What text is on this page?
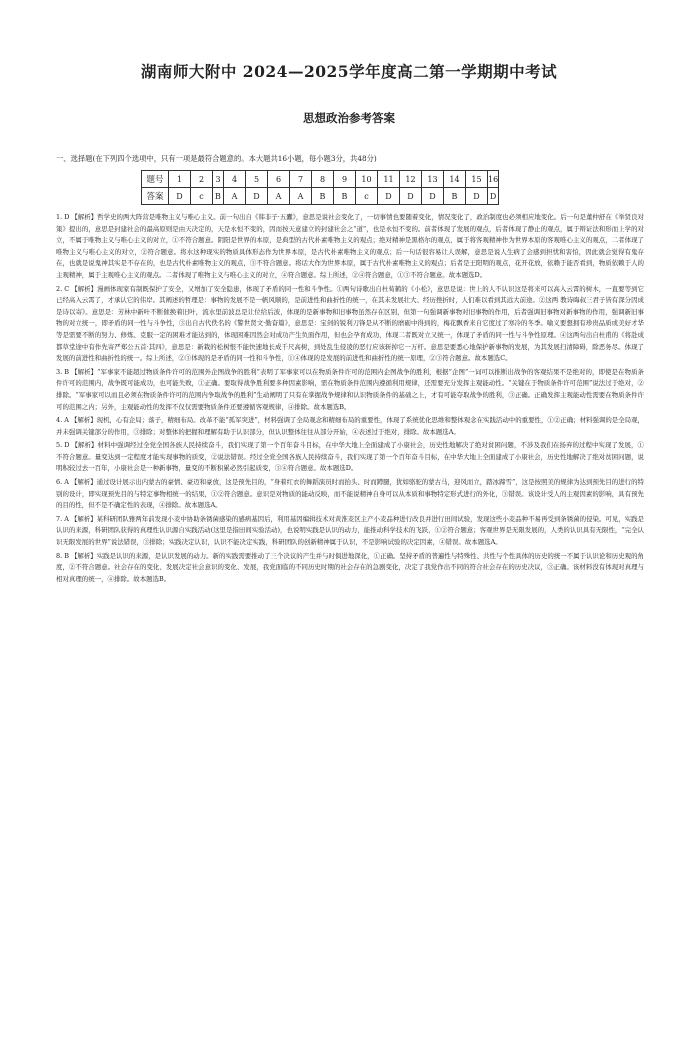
湖南师大附中 2024—2025学年度高二第一学期期中考试
思想政治参考答案

一、选择题(在下列四个选项中，只有一项是最符合题意的。本大题共16小题，每小题3分，共48分)

题号	1	2	3	4	5	6	7	8	9	10	11	12	13	14	15	16
答案	D	c	B	A	D	A	A	B	B	c	D	D	D	B	D	D

1. D 【解析】哲学史的两大阵营是唯物主义与唯心主义。前一句出自《韩非子·五蠹》，意思是说社会变化了，一切事情也要随着变化，情况变化了，政治制度也必须相应地变化。后一句是董仲舒在《举贤良对策》提出的，意思是封建社会的最高原则是由天决定的，天是永恒不变的，因而按天意建立的封建社会之“道”，也是永恒不变的。前者体现了发展的观点，后者体现了静止的观点，属于辩证法和形而上学的对立，不属于唯物主义与唯心主义的对立，①不符合题意。阴阳是世界的本原，是典型的古代朴素唯物主义的观点；绝对精神是黑格尔的观点，属于将客观精神作为世界本原的客观唯心主义的观点，二者体现了唯物主义与唯心主义的对立，②符合题意。将水这种现实的物质具体形态作为世界本原，是古代朴素唯物主义的观点；后一句话很容易让人误解，意思是说人生病了会感到担忧和害怕，因此就会觉得有鬼存在，也就是说鬼神其实是不存在的，也是古代朴素唯物主义的观点，③不符合题意。将话大作为世界本原，属于古代朴素唯物主义的观点；后者是王阳明的观点，花开花放，依赖于能否看到，物质依赖于人的主观精神，属于主观唯心主义的观点。二者体现了唯物主义与唯心主义的对立，④符合题意。综上所述，②④符合题意，①③不符合题意。故本题选D。

2. C 【解析】漫画体现家有制既保护了安全，又增加了安全隐患，体现了矛盾的同一性和斗争性。①两句诗歌出自杜荀鹤的《小松》，意思是说：世上的人不认识这是将来可以高入云霄的树木，一直要等到它已经高入云霄了，才承认它的伟岸。其阐述的哲理是：事物的发展不是一帆风顺的，是前进性和曲折性的统一，在其未发展壮大、经历挫折时，人们难以看到其远大前途。②这两 教诗晦叔三君子皆有深分因成是诗以寄》。意思是：芳林中新叶不断催换着旧叶，流水里前波总是让位给后波，体现的是新事物和旧事物虽然存在区别，但第一句强调新事物对旧事物的作用，后者强调旧事物对新事物的作用，强调新旧事物的对立统一，即矛盾的同一性与斗争性，③出自古代佚名的《警世贤文·勤奋篇》，意思是：宝剑的锐利刀锋是从不断的磨砺中得到的，梅花飘香来自它度过了寒冷的冬季。喻义要想拥有珍贵品质或美好才华等是需要不断的努力、修炼、克服一定的困难才能达到的，体现困难因然会对成功产生负面作用，但也会孕育成功，体现二者既对立又统一，体现了矛盾的同一性与斗争性原理。④这两句出自杜甫的《将赴成都草堂途中有作先寄严郑公五首·其四》，意思是：新栽的松树恨不能快速地长成千尺高树，到处乱生侵凌的恶行应该斩掉它一万杆。意思是要悉心地保护新事物的发展，为其发展扫清障碍，除恶务尽。体现了发展的前进性和曲折性的统一。综上所述，②③体现的是矛盾的同一性和斗争性，①④体现的是发展的前进性和曲折性的统一原理，②③符合题意。故本题选C。

3. B 【解析】“军事家不能超过物质条件许可的范围外企图战争的胜利”表明了军事家可以在物质条件许可的范围内企图战争的胜利，根据“企图”一词可以推断出战争的客观结果不是绝对的，即使是在物质条件许可的范围内，战争既可能成功，也可能失败，①正确。要取得战争胜利要多种因素影响，需在物质条件范围内遵循利用规律，还需要充分发挥主观能动性。“关键在于物质条件许可范围”说法过于绝对，②排除。“军事家可以而且必须在物质条件许可的范围内争取战争的胜利”生动阐明了只有在掌握战争规律和认识物质条件的基础之上，才有可能夺取战争的胜利，③正确。正确发挥主观能动性需要在物质条件许可的范围之内；另外，主观能动性的发挥不仅仅需要物质条件还要遵循客观规律，④排除。故本题选B。

4. A 【解析】现机，心有企局；落子，精细布局。改革不能“孤军突进”，材料强调了全局观念和精细布局的重要性，体现了系统优化思维和整体观念在实践活动中的重要性，①②正确；材料强调的是全局观，并未强调关键部分的作用，③排除；对整体的把握和理解有助于认识部分，但认识整体往往从部分开始，④表述过于绝对，排除。故本题选A。

5. D 【解析】材料中强调经过全党全国各族人民持续奋斗，我们实现了第一个百年奋斗目标，在中华大地上全面建成了小康社会，历史性地解决了绝对贫困问题，不涉及我们在扬弃的过程中实现了发展，①不符合题意。量变达到一定程度才能实现事物的质变，②说法错误。经过全党全国各族人民持续奋斗，我们实现了第一个百年奋斗目标，在中华大地上全面建成了小康社会，历史性地解决了绝对贫困问题，说明积较过去一百年，小康社会是一种新事物，量变的不断积累必然引起质变，③④符合题意。故本题选D。

6. A 【解析】通过设计展示出内蒙古的豪情、豪迈和豪放，这是预先目的，“身着红衣的舞蹈演员时而抬头、时而蹲腿，犹如骆驼的蒙古马，迎风而立，踏冰蹄雪”，这是按照美的规律为达到预先目的进行的特别的设计，即实现预先目的与特定事物相统一的结果，①②符合题意。意识是对物质的能动反映，而不能说精神自身可以从本质和事物特定形式进行的外化，③错误。该设计受人的主观因素的影响，具有预先的目的性，但不是不确定性的表现，④排除。故本题选A。

7. A 【解析】某科研团队雅两年前发现小麦中协助条锈菌感染的感病基因后，利用基因编辑技术对黄淮麦区主产小麦品种进行改良并进行田间试验，发现这些小麦品种不易再受到条锈菌的侵染。可见，实践是认识的来源，科研团队获得的真理性认识源自实践活动(这里是指田间实验活动)，也说明实践是认识的动力，能推动科学技术的飞跃，①②符合题意；客观世界是无限发展的，人类的认识具有无限性，“完全认识无限发展的世界”说法错误，③排除；实践决定认识，认识不能决定实践，科研团队的创新精神属于认识，不是影响试验的决定因素，④错误。故本题选A。

8. B 【解析】实践是认识的来源，是认识发展的动力。新的实践需要推动了三个决议的产生并与时俱进地深化，①正确。坚持矛盾的普遍性与特殊性、共性与个性具体的历史的统一不属于认识论和历史观的角度，②不符合题意。社会存在的变化、发展决定社会意识的变化、发展，我党面临的不同历史时期的社会存在的急剧变化，决定了我党作出不同的符合社会存在的历史决议，③正确。该材料没有体现对真理与相对真理的统一，④排除。故本题选B。
